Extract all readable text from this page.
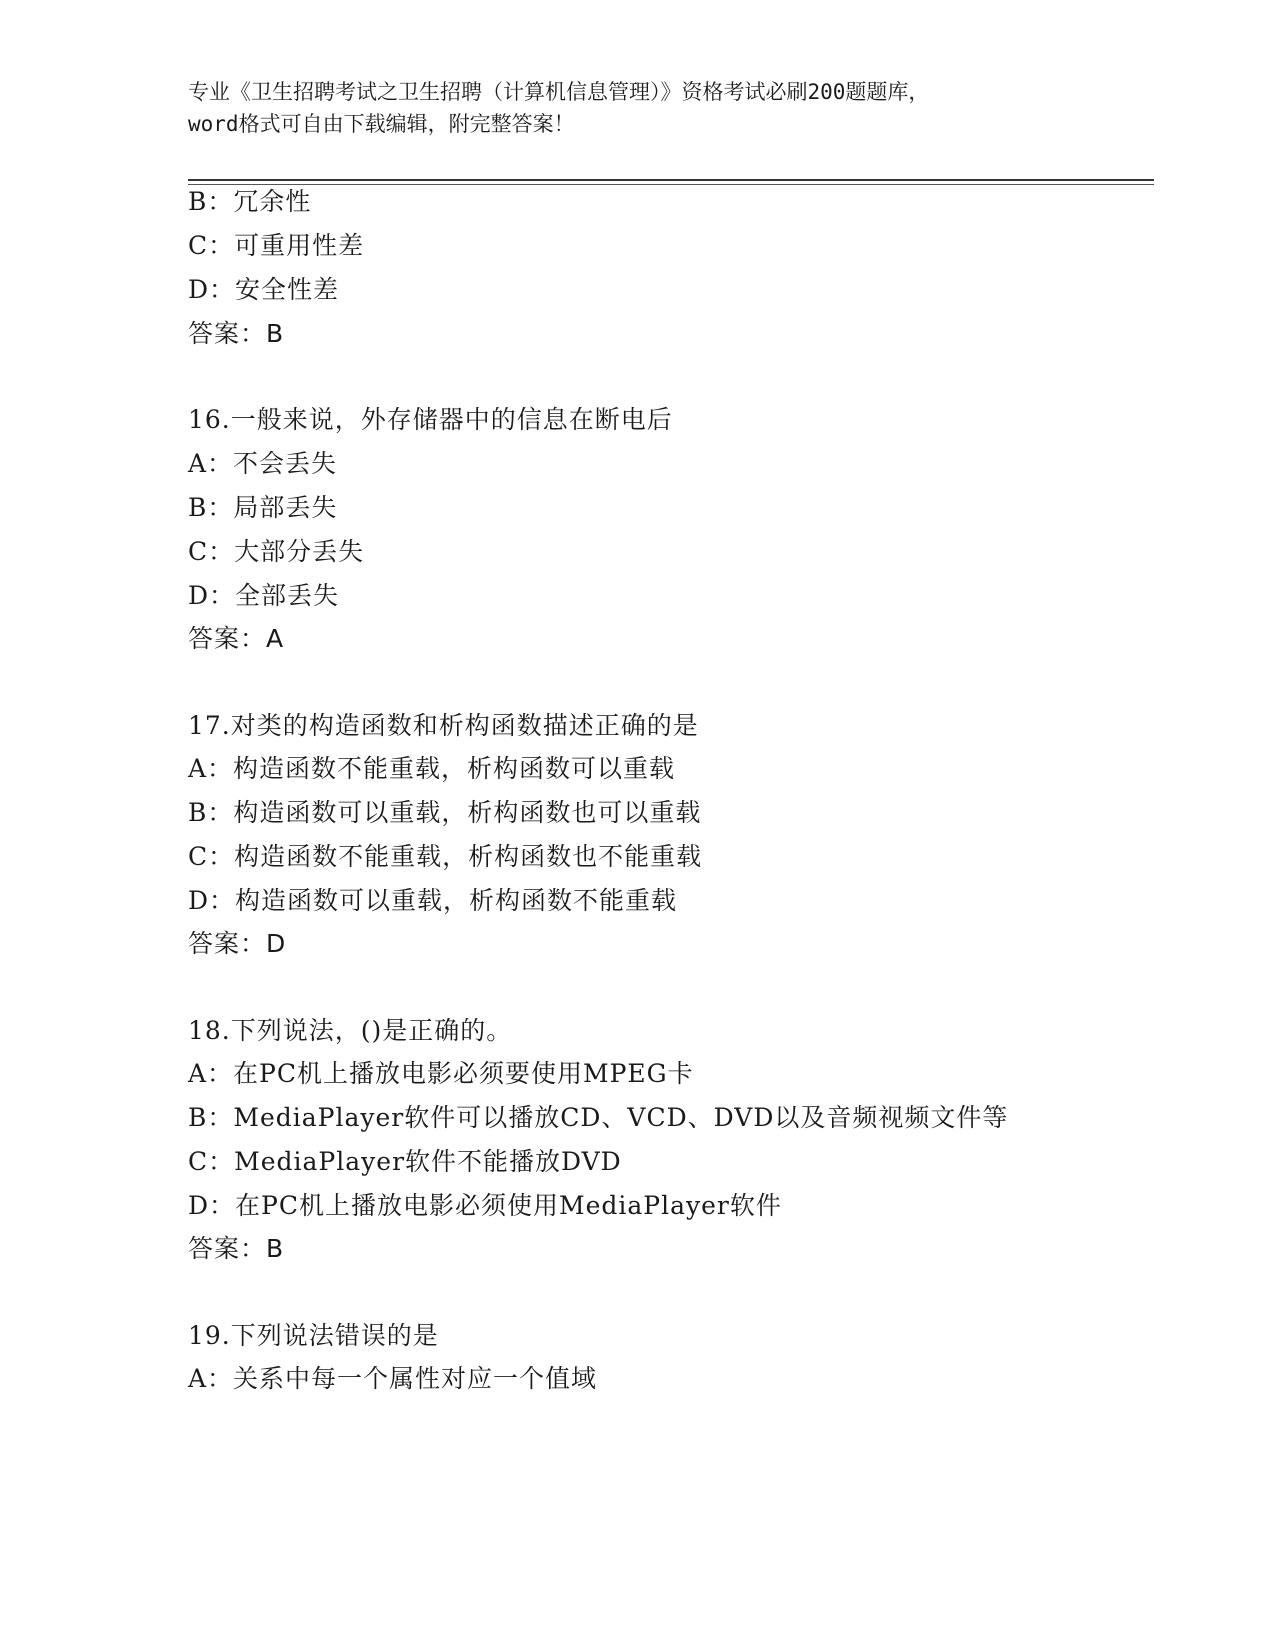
专业《卫生招聘考试之卫生招聘（计算机信息管理）》资格考试必刷200题题库，
word格式可自由下载编辑，附完整答案！
B：冗余性
C：可重用性差
D：安全性差
答案：B
16.一般来说，外存储器中的信息在断电后
A：不会丢失
B：局部丢失
C：大部分丢失
D：全部丢失
答案：A
17.对类的构造函数和析构函数描述正确的是
A：构造函数不能重载，析构函数可以重载
B：构造函数可以重载，析构函数也可以重载
C：构造函数不能重载，析构函数也不能重载
D：构造函数可以重载，析构函数不能重载
答案：D
18.下列说法，()是正确的。
A：在PC机上播放电影必须要使用MPEG卡
B：MediaPlayer软件可以播放CD、VCD、DVD以及音频视频文件等
C：MediaPlayer软件不能播放DVD
D：在PC机上播放电影必须使用MediaPlayer软件
答案：B
19.下列说法错误的是
A：关系中每一个属性对应一个值域
